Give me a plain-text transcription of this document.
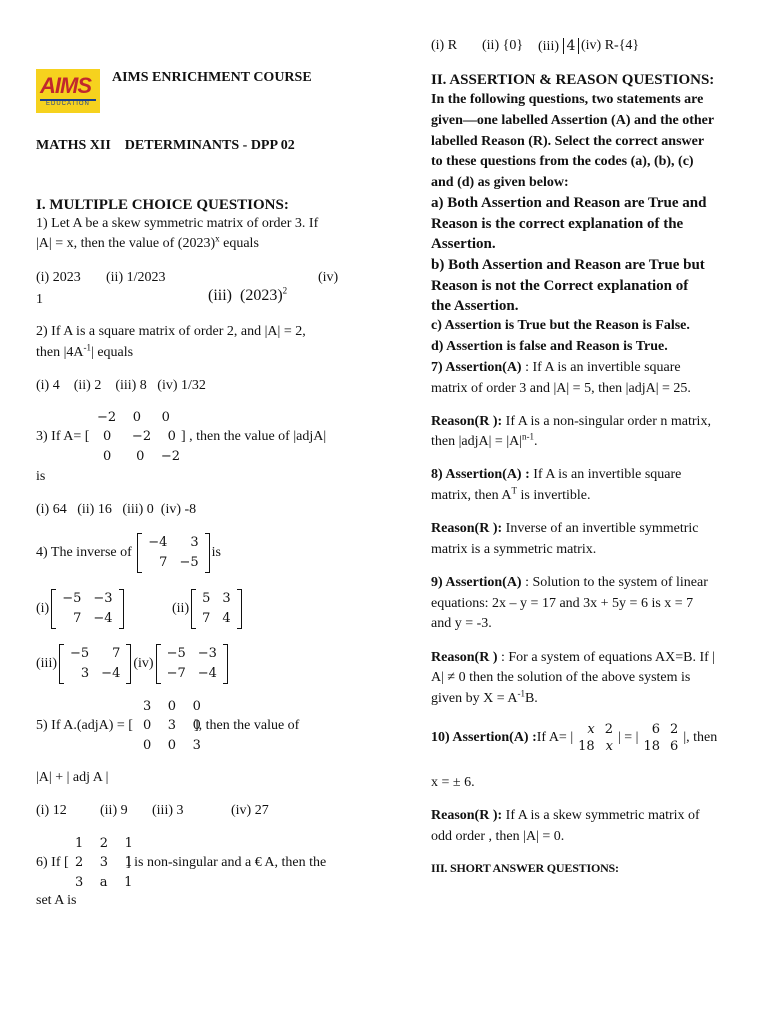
AIMS
EDUCATION
AIMS ENRICHMENT COURSE
MATHS XII    DETERMINANTS - DPP 02
I. MULTIPLE CHOICE QUESTIONS:
1) Let A be a skew symmetric matrix of order 3. If
|A| = x, then the value of $(2023)^x$ equals
(i) 2023 (ii) 1/2023

(iii)  $(2023)^2$

(iv)
1
2) If A is a square matrix of order 2, and |A| = 2,
then $|4A^{-1}|$ equals
(i) 4    (ii) 2    (iii) 8   (iv) 1/32
−2    0     0
0     −2    0
0      0    −2
3) If A= [	] , then the value of |adjA|
is
(i) 64   (ii) 16   (iii) 0  (iv) -8
4) The inverse of

−4	3
7	−5
is
(i)
−5	−3
7	−4
(ii)
5	3
7	4
(iii)
−5	7
3	−4
(iv)
−5	−3
−7	−4
3    0    0
0    3    0
0    0    3
5) If A.(adjA) = [	], then the value of
|A| + | adj A |
(i) 12 (ii) 9 (iii) 3	(iv) 27
1    2    1
2    3    1
3    a    1
6) If [	] is non-singular and a € A, then the
set A is
(i) R (ii) {0} (iii) 4 (iv) R-{4}
II. ASSERTION & REASON QUESTIONS:
In the following questions, two statements are
given—one labelled Assertion (A) and the other
labelled Reason (R). Select the correct answer
to these questions from the codes (a), (b), (c)
and (d) as given below:
a) Both Assertion and Reason are True and
Reason is the correct explanation of the
Assertion.
b) Both Assertion and Reason are True but
Reason is not the Correct explanation of
the Assertion.
c) Assertion is True but the Reason is False.
d) Assertion is false and Reason is True.
7) Assertion(A) : If A is an invertible square
matrix of order 3 and |A| = 5, then |adjA| = 25.
Reason(R ): If A is a non-singular order n matrix,
then |adjA| = $|A|^{n-1}$.
8) Assertion(A) : If A is an invertible square
matrix, then $A^T$ is invertible.
Reason(R ): Inverse of an invertible symmetric
matrix is a symmetric matrix.
9) Assertion(A) : Solution to the system of linear
equations: 2x – y = 17 and 3x + 5y = 6 is x = 7
and y = -3.
Reason(R ) : For a system of equations AX=B. If |
A| ≠ 0 then the solution of the above system is
given by $X = A^{-1}B$.
10) Assertion(A) : If A= |
x	2
18	x
| = |
6	2
18	6
|, then
x = ± 6.
Reason(R ): If A is a skew symmetric matrix of
odd order , then |A| = 0.
III. SHORT ANSWER QUESTIONS:
